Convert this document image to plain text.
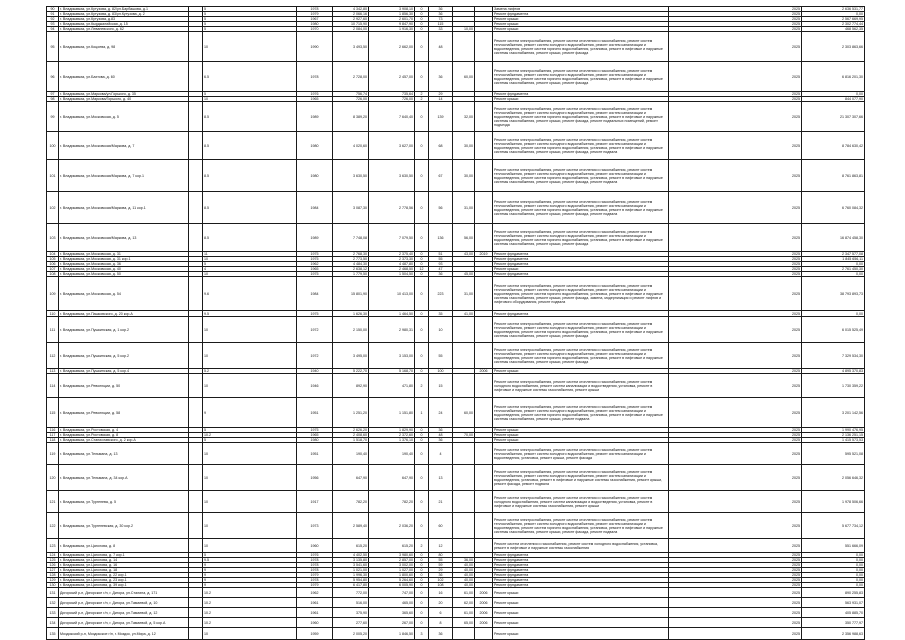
90	г. Владикавказ, ул.Кутузова, д. 82/ул.Барбашова, д.1		5	1978	4 342,80	3 908,10	0	36			Замена лифтов	2025	2 636 531,77
91	г. Владикавказ, ул.Кутузова, д. 83/ул.Кутузова, д. 2		5	1979	2 066,16	1 856,30	0	36			Ремонт фундамента	2025	0,00
92	г. Владикавказ, ул.Кутузова, д.83		5	1967	2 927,60	2 601,70	0	73			Ремонт крыши	2025	2 567 669,95
93	г. Владикавказ, ул.Кырджалийская, д. 15		5	1980	10 715,90	9 847,90	0	115			Ремонт крыши	2025	2 302 774,44
94	г. Владикавказ, ул.Леваневского, д. 62		5	1970	2 084,00	1 916,30	0	33	10,00		Ремонт крыши	2025	468 562,35
95	г. Владикавказ, ул.Коцоева, д. 98		10	1990	3 493,50	2 662,00	0	48			Ремонт систем электроснабжения, ремонт систем отопления и газоснабжения, ремонт систем теплоснабжения, ремонт систем холодного водоснабжения, ремонт систем канализации и водоотведения, ремонт систем горячего водоснабжения, установка, ремонт в лифтовые и наружные системы газоснабжения, ремонт крыши, ремонт фасада	2025	2 303 863,66
96	г. Владикавказ, ул.Бахтова, д. 60		6.5	1978	2 728,00	2 457,00	0	36	60,00		Ремонт систем электроснабжения, ремонт систем отопления и газоснабжения, ремонт систем теплоснабжения, ремонт систем холодного водоснабжения, ремонт систем канализации и водоотведения, ремонт систем горячего водоснабжения, установка, ремонт в лифтовые и наружные системы газоснабжения, ремонт крыши, ремонт фасада	2025	6 816 201,30
97	г. Владикавказ, ул.Маркова/ул.Горького, д. 35		5	1976	756,74	735,64	2	29			Ремонт фундамента	2025	0,00
98	г. Владикавказ, ул.Маркова/Горького, д. 40		10	1965	726,00	726,00	2	14			Ремонт крыши	2025	844 077,90
99	г. Владикавказ, ул.Московская, д. 5		8.5	1989	8 389,20	7 640,40	0	139	32,00		Ремонт систем электроснабжения, ремонт систем отопления и газоснабжения, ремонт систем теплоснабжения, ремонт систем холодного водоснабжения, ремонт систем канализации и водоотведения, ремонт систем горячего водоснабжения, установка, ремонт в лифтовые и наружные системы газоснабжения, ремонт крыши, ремонт фасада, ремонт подвальных помещений, ремонт подъезда	2025	21 307 307,66
100	г. Владикавказ, ул.Московская/Маркова, д. 7		8.5	1980	4 020,60	3 627,00	0	68	30,00		Ремонт систем электроснабжения, ремонт систем отопления и газоснабжения, ремонт систем теплоснабжения, ремонт систем холодного водоснабжения, ремонт систем канализации и водоотведения, ремонт систем горячего водоснабжения, установка, ремонт в лифтовые и наружные системы газоснабжения, ремонт крыши, ремонт фасада, ремонт подвала	2025	8 784 630,42
101	г. Владикавказ, ул.Московская/Маркова, д. 7 кор.1		8.5	1980	3 630,50	3 630,50	0	67	30,00		Ремонт систем электроснабжения, ремонт систем отопления и газоснабжения, ремонт систем теплоснабжения, ремонт систем холодного водоснабжения, ремонт систем канализации и водоотведения, ремонт систем горячего водоснабжения, установка, ремонт в лифтовые и наружные системы газоснабжения, ремонт крыши, ремонт фасада, ремонт подвала	2025	8 761 863,81
102	г. Владикавказ, ул.Московская/Маркова, д. 11 кор.1		8.5	1984	3 087,30	2 778,56	0	56	31,00		Ремонт систем электроснабжения, ремонт систем отопления и газоснабжения, ремонт систем теплоснабжения, ремонт систем холодного водоснабжения, ремонт систем канализации и водоотведения, ремонт систем горячего водоснабжения, установка, ремонт в лифтовые и наружные системы газоснабжения, ремонт крыши, ремонт фасада, ремонт подвала	2025	6 760 084,32
103	г. Владикавказ, ул.Московская/Маркова, д. 13		8.5	1989	7 748,08	7 079,50	0	136	56,00		Ремонт систем электроснабжения, ремонт систем отопления и газоснабжения, ремонт систем теплоснабжения, ремонт систем холодного водоснабжения, ремонт систем канализации и водоотведения, ремонт систем горячего водоснабжения, установка, ремонт в лифтовые и наружные системы газоснабжения, ремонт крыши, ремонт фасада	2025	16 874 458,30
104	г. Владикавказ, ул.Московская, д. 31		11	1975	2 768,30	2 375,40	0	51	43,00	2019	Ремонт фундамента	2025	2 347 577,08
105	г. Владикавказ, ул.Московская, д. 31 кор.1		10	1975	2 773,50	2 373,30	0	55			Ремонт фундамента	2025	1 845 656,11
106	г. Владикавказ, ул.Московская, д. 36		5	1962	4 484,30	4 487,80	0	93			Ремонт фундамента	2025	0,00
107	г. Владикавказ, ул.Московская, д. 40		4	1965	2 638,12	2 468,50	12	47			Ремонт крыши	2025	2 761 450,30
108	г. Владикавказ, ул.Московская, д. 50		10	1975	1 779,50	1 504,50	0	36	45,00		Ремонт фундамента	2025	0,00
109	г. Владикавказ, ул.Московская, д. 54		9.6	1984	15 801,90	10 413,00	0	223	31,00		Ремонт систем электроснабжения, ремонт систем отопления и газоснабжения, ремонт систем теплоснабжения, ремонт систем холодного водоснабжения, ремонт систем канализации и водоотведения, ремонт систем горячего водоснабжения, установка, ремонт в лифтовые и наружные системы газоснабжения, ремонт крыши, ремонт фасада, замена, модернизация и ремонт лифтов и лифтового оборудования, ремонт подвала	2025	38 793 893,73
110	г. Владикавказ, ул.Пашковского, д. 20 кор.А		9.5	1975	1 626,30	1 464,50	0	35	41,00		Ремонт фундамента	2025	0,00
111	г. Владикавказ, ул.Пушкинская, д. 1 кор.2		10	1972	2 150,00	2 980,31	0	10			Ремонт систем электроснабжения, ремонт систем отопления и газоснабжения, ремонт систем теплоснабжения, ремонт систем холодного водоснабжения, ремонт систем канализации и водоотведения, ремонт систем горячего водоснабжения, установка, ремонт в лифтовые и наружные системы газоснабжения, ремонт крыши, ремонт фасада	2025	6 015 525,49
112	г. Владикавказ, ул.Пушкинская, д. 5 кор.2		10	1972	3 495,00	3 153,00	0	55			Ремонт систем электроснабжения, ремонт систем отопления и газоснабжения, ремонт систем теплоснабжения, ремонт систем холодного водоснабжения, ремонт систем канализации и водоотведения, ремонт систем горячего водоснабжения, установка, ремонт в лифтовые и наружные системы газоснабжения, ремонт крыши, ремонт фасада	2025	7 329 534,30
113	г. Владикавказ, ул.Пушкинская, д. 5 кор.4		5.2	1940	5 222,70	5 168,70	0	100		2006	Ремонт крыши	2025	4 895 370,83
114	г. Владикавказ, ул.Революции, д. 50		10	1946	892,90	471,80	2	15			Ремонт систем электроснабжения, ремонт систем отопления и газоснабжения, ремонт систем холодного водоснабжения, ремонт систем канализации и водоотведения, установка, ремонт в лифтовые и наружные системы газоснабжения, ремонт крыши	2025	1 730 359,22
115	г. Владикавказ, ул.Революции, д. 58		9	1951	1 251,20	1 151,80	1	24	60,00		Ремонт систем электроснабжения, ремонт систем отопления и газоснабжения, ремонт систем теплоснабжения, ремонт систем холодного водоснабжения, ремонт систем канализации и водоотведения, ремонт систем горячего водоснабжения, установка, ремонт в лифтовые и наружные системы газоснабжения, ремонт крыши, ремонт подвала	2025	3 201 142,56
116	г. Владикавказ, ул.Ростовская, д. 4		5	1975	2 626,20	1 829,90	0	36			Ремонт крыши	2025	1 990 476,95
117	г. Владикавказ, ул.Ростовская, д. 8		10.2	1965	2 408,60	2 372,60	0	48	70,00		Ремонт крыши	2025	2 136 251,15
118	г. Владикавказ, ул.Станиславского, д. 2 кор.А		5	1980	1 518,70	1 376,10	0	36			Ремонт крыши	2025	1 415 573,53
119	г. Владикавказ, ул.Тельмана, д. 13		10	1951	190,40	190,40	0	4			Ремонт систем электроснабжения, ремонт систем отопления и газоснабжения, ремонт систем теплоснабжения, ремонт систем холодного водоснабжения, ремонт систем канализации и водоотведения, установка, ремонт крыши, ремонт фасада	2025	595 521,08
120	г. Владикавказ, ул.Тельмана, д. 34 кор.А		10	1956	647,90	647,90	0	13			Ремонт систем электроснабжения, ремонт систем отопления и газоснабжения, ремонт систем теплоснабжения, ремонт систем холодного водоснабжения, ремонт систем канализации и водоотведения, установка, ремонт в лифтовые и наружные системы газоснабжения, ремонт крыши, ремонт фасада, ремонт подвала	2025	2 056 646,32
121	г. Владикавказ, ул.Тургенева, д. 5		10	1917	782,20	782,20	0	21			Ремонт систем электроснабжения, ремонт систем отопления и газоснабжения, ремонт систем холодного водоснабжения, ремонт систем канализации и водоотведения, установка, ремонт в лифтовые и наружные системы газоснабжения, ремонт крыши	2025	1 978 506,66
122	г. Владикавказ, ул.Тургеневская, д. 30 кор.2		10	1973	2 589,40	2 036,20	0	60			Ремонт систем электроснабжения, ремонт систем отопления и газоснабжения, ремонт систем теплоснабжения, ремонт систем холодного водоснабжения, ремонт систем канализации и водоотведения, ремонт систем горячего водоснабжения, установка, ремонт в лифтовые и наружные системы газоснабжения, ремонт крыши, ремонт фасада, ремонт подвала	2025	5 677 734,12
123	г. Владикавказ, ул.Цаголова, д. 8		10	1960	615,20	615,20	2	12			Ремонт систем отопления и газоснабжения, ремонт систем холодного водоснабжения, установка, ремонт в лифтовые и наружные системы газоснабжения	2025	551 666,09
124	г. Владикавказ, ул.Цаголова, д. 7 кор.1		5	1976	4 402,50	3 980,60	0	80			Ремонт фундамента	2025	0,00
125	г. Владикавказ, ул.Цаголова, д. 14		9.5	1978	3 135,80	2 857,00	0	55	36,00		Ремонт фундамента	2025	0,00
126	г. Владикавказ, ул.Цаголова, д. 16		9	1978	3 541,60	3 002,00	0	59	40,00		Ремонт фундамента	2025	0,00
127	г. Владикавказ, ул.Цаголова, д. 18		9	1978	1 021,00	1 027,00	0	29	40,00		Ремонт фундамента	2025	0,00
128	г. Владикавказ, ул.Цаголова, д. 22 кор.1		9	1979	1 996,30	1 800,60	0	36	40,00		Ремонт фундамента	2025	0,00
129	г. Владикавказ, ул.Цаголова, д. 23 кор.1		9	1978	5 954,80	5 264,60	0	102	40,00		Ремонт фундамента	2025	0,00
130	г. Владикавказ, ул.Цаголова, д. 39 кор.1		9	1979	6 417,80	6 005,90	0	108	40,00		Ремонт фундамента	2025	0,00
131	Дигорский р-н, Дигорское г/п, г. Дигора, ул.Сталина, д. 171		10.2	1962	772,00	747,00	0	16	61,00	2006	Ремонт крыши	2025	890 255,83
132	Дигорский р-н, Дигорское г/п, г. Дигора, ул.Тамаевой, д. 10		10.2	1961	516,00	465,00	0	20	62,00	2006	Ремонт крыши	2025	563 931,07
133	Дигорский р-н, Дигорское г/п, г. Дигора, ул.Тамаевой, д. 12		10.2	1961	375,90	365,60	0	6	61,00	2006	Ремонт крыши	2025	405 885,70
134	Дигорский р-н, Дигорское г/п, г. Дигора, ул.Тамаевой, д. 5 кор.А		10.2	1960	277,60	267,00	0	8	65,00	2006	Ремонт крыши	2025	350 777,97
135	Моздокский р-н, Моздокское г/п, г. Моздок, ул.Мира, д. 12		10	1959	2 005,20	1 846,50	3	36			Ремонт крыши	2025	2 356 988,63
